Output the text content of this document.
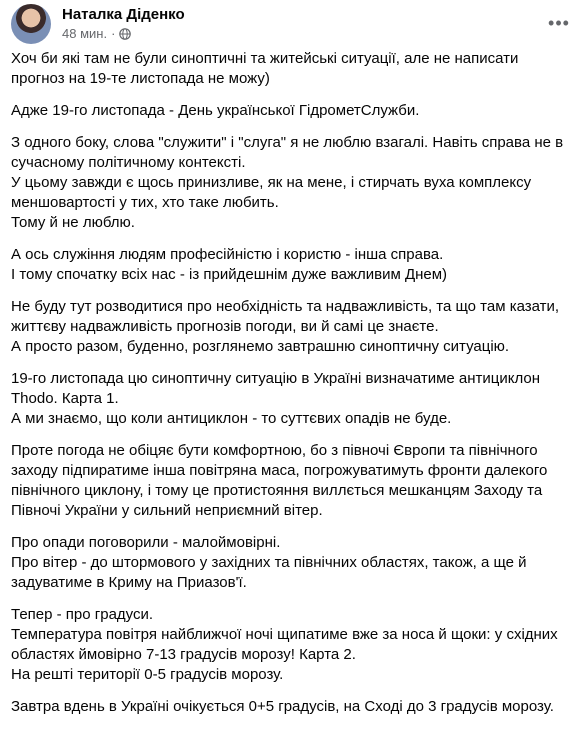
Наталка Діденко
48 мин. ·
•••
Хоч би які там не були синоптичні та житейські ситуації, але не написати
прогноз на 19-те листопада не можу)
Адже 19-го листопада - День української ГідрометСлужби.
З одного боку, слова "служити" і "слуга" я не люблю взагалі. Навіть справа не в
сучасному політичному контексті.
У цьому завжди є щось принизливе, як на мене, і стирчать вуха комплексу
меншовартості у тих, хто таке любить.
Тому й не люблю.
А ось служіння людям професійністю і користю - інша справа.
І тому спочатку всіх нас - із прийдешнім дуже важливим Днем)
Не буду тут розводитися про необхідність та надважливість, та що там казати,
життєву надважливість прогнозів погоди, ви й самі це знаєте.
А просто разом, буденно, розглянемо завтрашню синоптичну ситуацію.
19-го листопада цю синоптичну ситуацію в Україні визначатиме антициклон
Thodo. Карта 1.
А ми знаємо, що коли антициклон - то суттєвих опадів не буде.
Проте погода не обіцяє бути комфортною, бо з півночі Європи та північного
заходу підпиратиме інша повітряна маса, погрожуватимуть фронти далекого
північного циклону, і тому це протистояння виллється мешканцям Заходу та
Півночі України у сильний неприємний вітер.
Про опади поговорили - малоймовірні.
Про вітер - до штормового у західних та північних областях, також, а ще й
задуватиме в Криму на Приазов'ї.
Тепер - про градуси.
Температура повітря найближчої ночі щипатиме вже за носа й щоки: у східних
областях ймовірно 7-13 градусів морозу! Карта 2.
На решті території 0-5 градусів морозу.
Завтра вдень в Україні очікується 0+5 градусів, на Сході до 3 градусів морозу.
